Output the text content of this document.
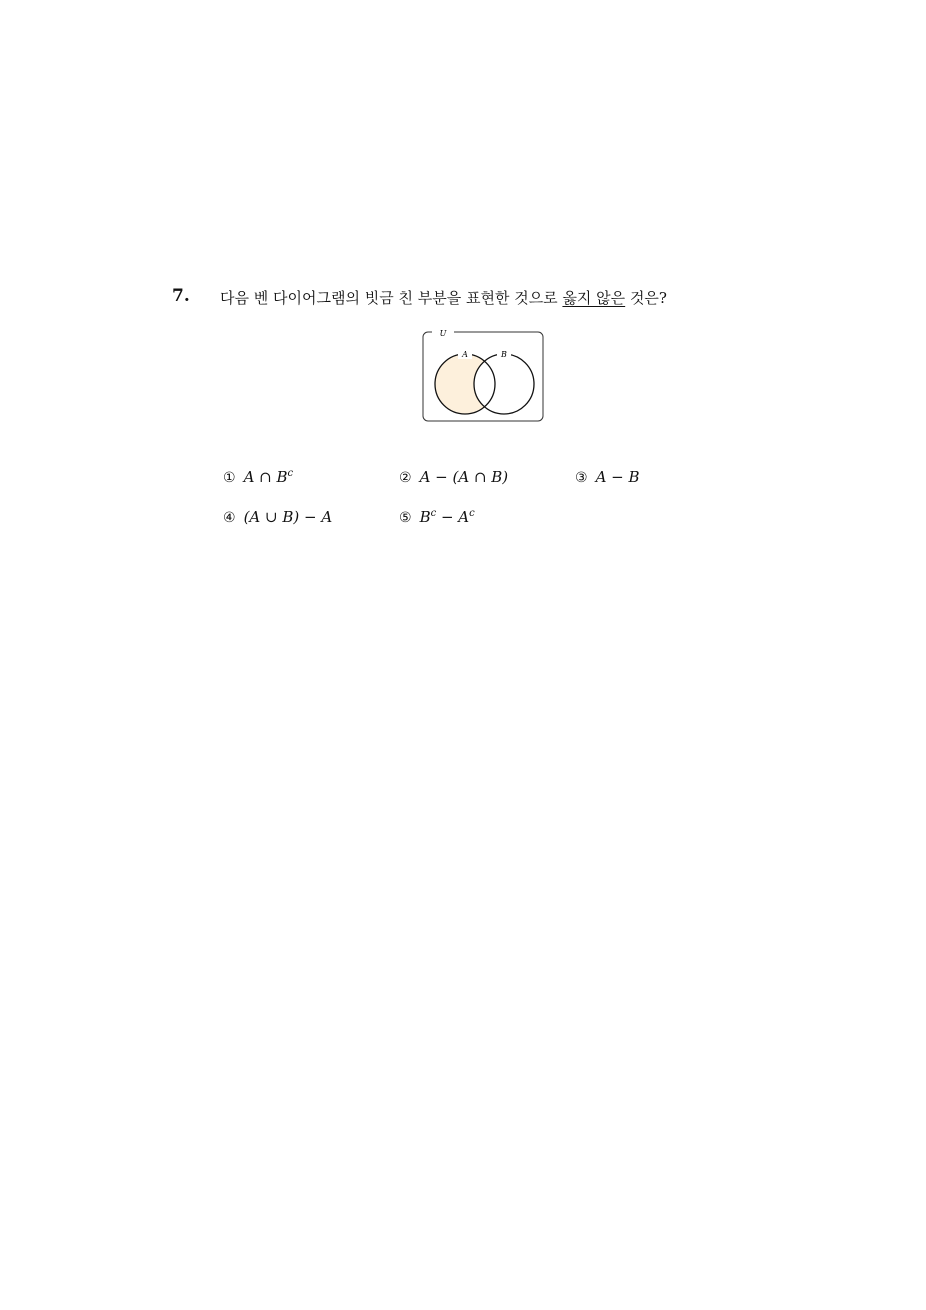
7. 다음 벤 다이어그램의 빗금 친 부분을 표현한 것으로 옳지 않은 것은?
U
A	B
① A ∩ $B^c$	② A − (A ∩ B)	③ A − B
④ (A ∪ B) − A	⑤ $B^c - A^c$
